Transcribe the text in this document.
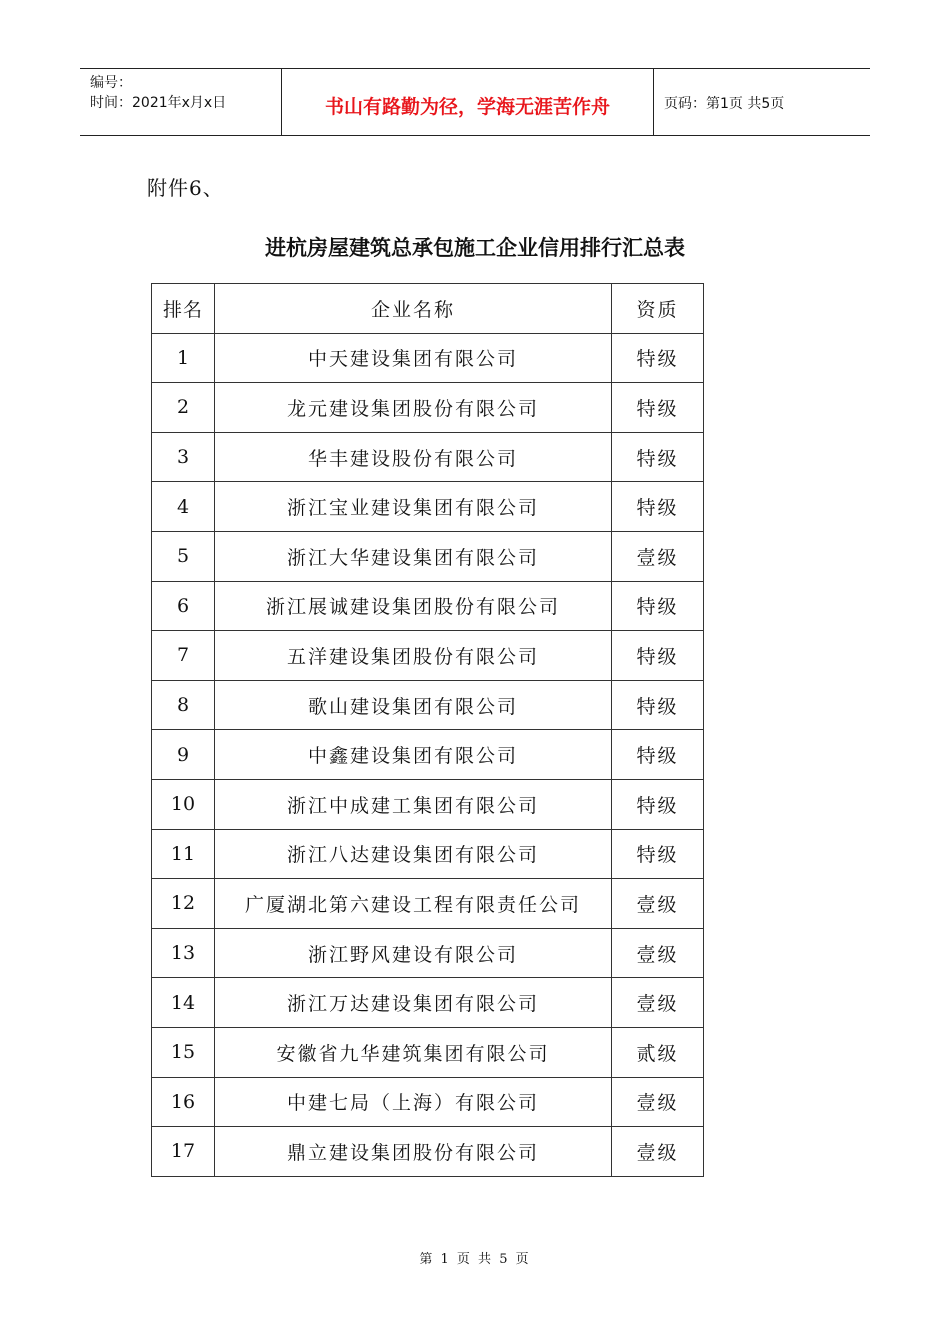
编号：
时间：2021年x月x日	书山有路勤为径，学海无涯苦作舟	页码：第1页 共5页
附件6、
进杭房屋建筑总承包施工企业信用排行汇总表
排名	企业名称	资质
1	中天建设集团有限公司	特级
2	龙元建设集团股份有限公司	特级
3	华丰建设股份有限公司	特级
4	浙江宝业建设集团有限公司	特级
5	浙江大华建设集团有限公司	壹级
6	浙江展诚建设集团股份有限公司	特级
7	五洋建设集团股份有限公司	特级
8	歌山建设集团有限公司	特级
9	中鑫建设集团有限公司	特级
10	浙江中成建工集团有限公司	特级
11	浙江八达建设集团有限公司	特级
12	广厦湖北第六建设工程有限责任公司	壹级
13	浙江野风建设有限公司	壹级
14	浙江万达建设集团有限公司	壹级
15	安徽省九华建筑集团有限公司	贰级
16	中建七局（上海）有限公司	壹级
17	鼎立建设集团股份有限公司	壹级
第 1 页 共 5 页
